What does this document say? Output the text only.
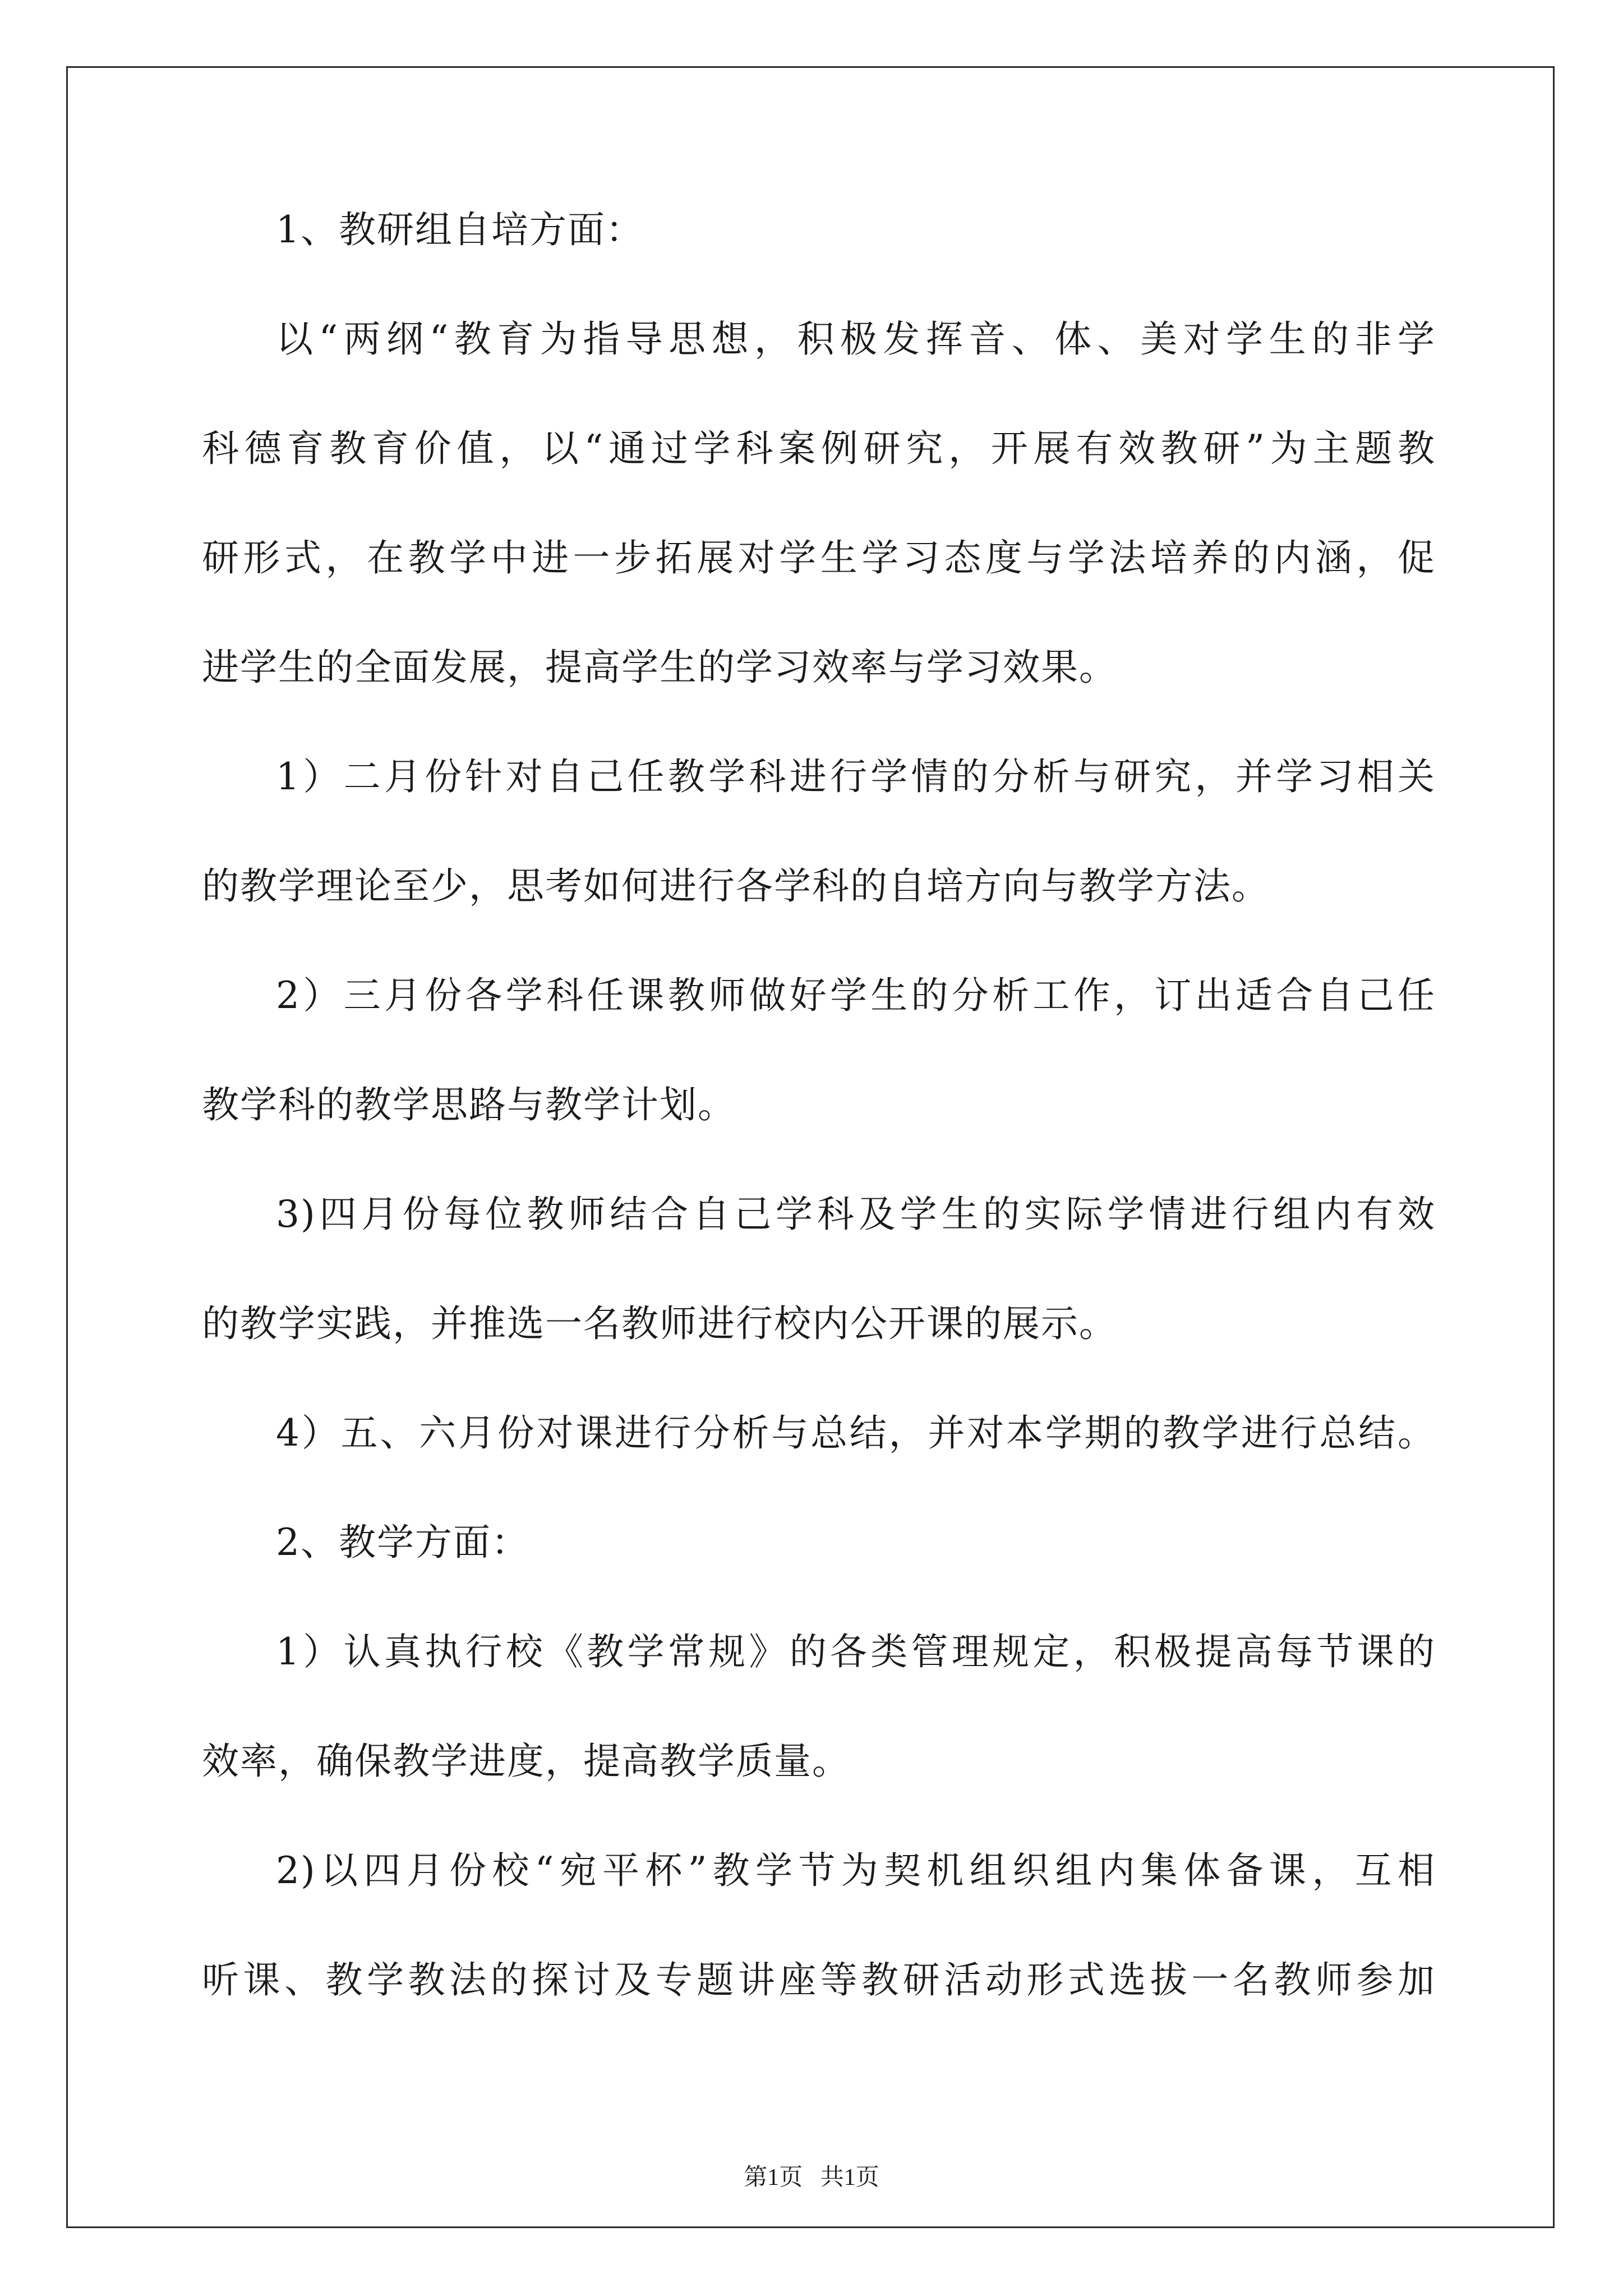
1、教研组自培方面：
以“两纲“教育为指导思想，积极发挥音、体、美对学生的非学
科德育教育价值，以“通过学科案例研究，开展有效教研”为主题教
研形式，在教学中进一步拓展对学生学习态度与学法培养的内涵，促
进学生的全面发展，提高学生的学习效率与学习效果。
1）二月份针对自己任教学科进行学情的分析与研究，并学习相关
的教学理论至少，思考如何进行各学科的自培方向与教学方法。
2）三月份各学科任课教师做好学生的分析工作，订出适合自己任
教学科的教学思路与教学计划。
3)四月份每位教师结合自己学科及学生的实际学情进行组内有效
的教学实践，并推选一名教师进行校内公开课的展示。
4）五、六月份对课进行分析与总结，并对本学期的教学进行总结。
2、教学方面：
1）认真执行校《教学常规》的各类管理规定，积极提高每节课的
效率，确保教学进度，提高教学质量。
2)以四月份校“宛平杯”教学节为契机组织组内集体备课，互相
听课、教学教法的探讨及专题讲座等教研活动形式选拔一名教师参加
第1页 共1页
